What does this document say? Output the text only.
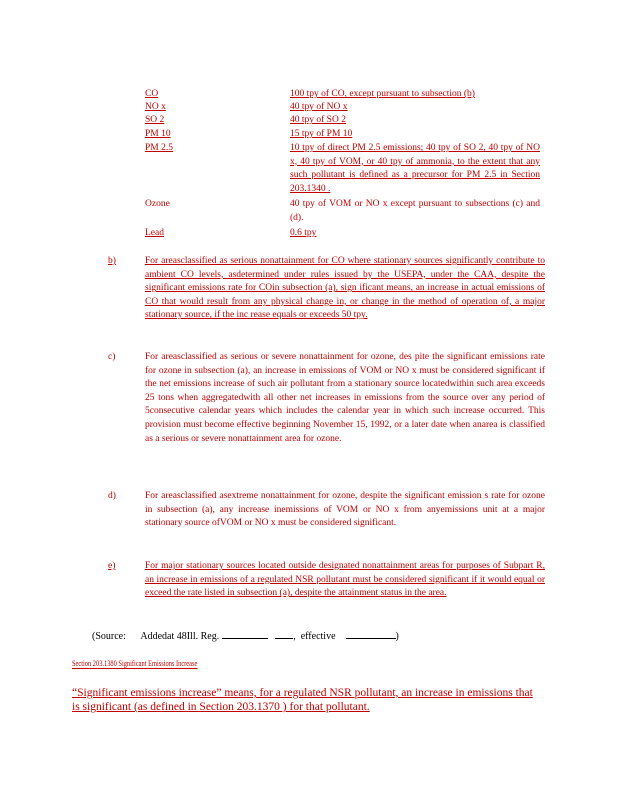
CO	100 tpy of CO, except pursuant to subsection (b)
NO x	40 tpy of NO x
SO 2	40 tpy of SO 2
PM 10	15 tpy of PM 10
PM 2.5	10 tpy of direct PM 2.5 emissions; 40 tpy of SO 2, 40 tpy of NO x, 40 tpy of VOM, or 40 tpy of ammonia, to the extent that any such pollutant is defined as a precursor for PM 2.5 in Section 203.1340 .
Ozone	40 tpy of VOM or NO x except pursuant to subsections (c) and (d).
Lead	0.6 tpy
b)	For areasclassified as serious nonattainment for CO where stationary sources significantly contribute to ambient CO levels, asdetermined under rules issued by the USEPA, under the CAA, despite the significant emissions rate for COin subsection (a), sign ificant means, an increase in actual emissions of CO that would result from any physical change in, or change in the method of operation of, a major stationary source, if the inc rease equals or exceeds 50 tpy.
c)	For areasclassified as serious or severe nonattainment for ozone, des pite the significant emissions rate for ozone in subsection (a), an increase in emissions of VOM or NO x must be considered significant if the net emissions increase of such air pollutant from a stationary source locatedwithin such area exceeds 25 tons when aggregatedwith all other net increases in emissions from the source over any period of 5consecutive calendar years which includes the calendar year in which such increase occurred. This provision must become effective beginning November 15, 1992, or a later date when anarea is classified as a serious or severe nonattainment area for ozone.
d)	For areasclassified asextreme nonattainment for ozone, despite the significant emission s rate for ozone in subsection (a), any increase inemissions of VOM or NO x from anyemissions unit at a major stationary source ofVOM or NO x must be considered significant.
e)	For major stationary sources located outside designated nonattainment areas for purposes of Subpart R, an increase in emissions of a regulated NSR pollutant must be considered significant if it would equal or exceed the rate listed in subsection (a), despite the attainment status in the area.
(Source: Addedat 48Ill. Reg.	, effective	)
Section 203.1380 Significant Emissions Increase
“Significant emissions increase” means, for a regulated NSR pollutant, an increase in emissions that is significant (as defined in Section 203.1370 ) for that pollutant.
